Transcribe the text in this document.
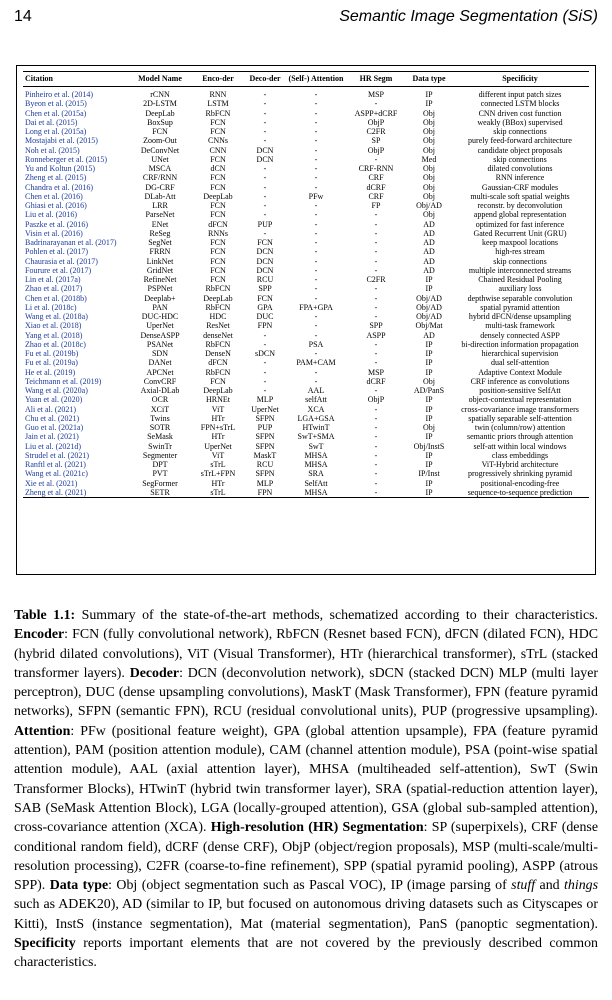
14	Semantic Image Segmentation (SiS)
Citation	Model Name	Enco-der	Deco-der	(Self-) Attention	HR Segm	Data type	Specificity
Pinheiro et al. (2014)	rCNN	RNN	-	-	MSP	IP	different input patch sizes
Byeon et al. (2015)	2D-LSTM	LSTM	-	-	-	IP	connected LSTM blocks
Chen et al. (2015a)	DeepLab	RbFCN	-	-	ASPP+dCRF	Obj	CNN driven cost function
Dai et al. (2015)	BoxSup	FCN	-	-	ObjP	Obj	weakly (BBox) supervised
Long et al. (2015a)	FCN	FCN	-	-	C2FR	Obj	skip connections
Mostajabi et al. (2015)	Zoom-Out	CNNs	-	-	SP	Obj	purely feed-forward architecture
Noh et al. (2015)	DeConvNet	CNN	DCN	-	ObjP	Obj	candidate object proposals
Ronneberger et al. (2015)	UNet	FCN	DCN	-	-	Med	skip connections
Yu and Koltun (2015)	MSCA	dCN	-	-	CRF-RNN	Obj	dilated convolutions
Zheng et al. (2015)	CRF/RNN	FCN	-	-	CRF	Obj	RNN inference
Chandra et al. (2016)	DG-CRF	FCN	-	-	dCRF	Obj	Gaussian-CRF modules
Chen et al. (2016)	DLab-Att	DeepLab	-	PFw	CRF	Obj	multi-scale soft spatial weights
Ghiasi et al. (2016)	LRR	FCN	-	-	FP	Obj/AD	reconstr. by deconvolution
Liu et al. (2016)	ParseNet	FCN	-	-	-	Obj	append global representation
Paszke et al. (2016)	ENet	dFCN	PUP	-	-	AD	optimized for fast inference
Visin et al. (2016)	ReSeg	RNNs	-	-	-	AD	Gated Recurrent Unit (GRU)
Badrinarayanan et al. (2017)	SegNet	FCN	FCN	-	-	AD	keep maxpool locations
Pohlen et al. (2017)	FRRN	FCN	DCN	-	-	AD	high-res stream
Chaurasia et al. (2017)	LinkNet	FCN	DCN	-	-	AD	skip connections
Fourure et al. (2017)	GridNet	FCN	DCN	-	-	AD	multiple interconnected streams
Lin et al. (2017a)	RefineNet	FCN	RCU	-	C2FR	IP	Chained Residual Pooling
Zhao et al. (2017)	PSPNet	RbFCN	SPP	-	-	IP	auxiliary loss
Chen et al. (2018b)	Deeplab+	DeepLab	FCN	-	-	Obj/AD	depthwise separable convolution
Li et al. (2018c)	PAN	RbFCN	GPA	FPA+GPA	-	Obj/AD	spatial pyramid attention
Wang et al. (2018a)	DUC-HDC	HDC	DUC	-	-	Obj/AD	hybrid dFCN/dense upsampling
Xiao et al. (2018)	UperNet	ResNet	FPN	-	SPP	Obj/Mat	multi-task framework
Yang et al. (2018)	DenseASPP	denseNet	-	-	ASPP	AD	densely connected ASPP
Zhao et al. (2018c)	PSANet	RbFCN	-	PSA	-	IP	bi-direction information propagation
Fu et al. (2019b)	SDN	DenseN	sDCN	-	-	IP	hierarchical supervision
Fu et al. (2019a)	DANet	dFCN	-	PAM+CAM	-	IP	dual self-attention
He et al. (2019)	APCNet	RbFCN	-	-	MSP	IP	Adaptive Context Module
Teichmann et al. (2019)	ConvCRF	FCN	-	-	dCRF	Obj	CRF inference as convolutions
Wang et al. (2020a)	Axial-DLab	DeepLab	-	AAL	-	AD/PanS	position-sensitive SelfAtt
Yuan et al. (2020)	OCR	HRNEt	MLP	selfAtt	ObjP	IP	object-contextual representation
Ali et al. (2021)	XCiT	ViT	UperNet	XCA	-	IP	cross-covariance image transformers
Chu et al. (2021)	Twins	HTr	SFPN	LGA+GSA	-	IP	spatially separable self-attention
Guo et al. (2021a)	SOTR	FPN+sTrL	PUP	HTwinT	-	Obj	twin (column/row) attention
Jain et al. (2021)	SeMask	HTr	SFPN	SwT+SMA	-	IP	semantic priors through attention
Liu et al. (2021d)	SwinTr	UperNet	SFPN	SwT	-	Obj/InstS	self-att within local windows
Strudel et al. (2021)	Segmenter	ViT	MaskT	MHSA	-	IP	class embeddings
Ranftl et al. (2021)	DPT	sTrL	RCU	MHSA	-	IP	ViT-Hybrid architecture
Wang et al. (2021c)	PVT	sTrL+FPN	SFPN	SRA	-	IP/Inst	progressively shrinking pyramid
Xie et al. (2021)	SegFormer	HTr	MLP	SelfAtt	-	IP	positional-encoding-free
Zheng et al. (2021)	SETR	sTrL	FPN	MHSA	-	IP	sequence-to-sequence prediction
Table 1.1: Summary of the state-of-the-art methods, schematized according to their characteristics. Encoder: FCN (fully convolutional network), RbFCN (Resnet based FCN), dFCN (dilated FCN), HDC (hybrid dilated convolutions), ViT (Visual Transformer), HTr (hierarchical transformer), sTrL (stacked transformer layers). Decoder: DCN (deconvolution network), sDCN (stacked DCN) MLP (multi layer perceptron), DUC (dense upsampling convolutions), MaskT (Mask Transformer), FPN (feature pyramid networks), SFPN (semantic FPN), RCU (residual convolutional units), PUP (progressive upsampling). Attention: PFw (positional feature weight), GPA (global attention upsample), FPA (feature pyramid attention), PAM (position attention module), CAM (channel attention module), PSA (point-wise spatial attention module), AAL (axial attention layer), MHSA (multiheaded self-attention), SwT (Swin Transformer Blocks), HTwinT (hybrid twin transformer layer), SRA (spatial-reduction attention layer), SAB (SeMask Attention Block), LGA (locally-grouped attention), GSA (global sub-sampled attention), cross-covariance attention (XCA). High-resolution (HR) Segmentation: SP (superpixels), CRF (dense conditional random field), dCRF (dense CRF), ObjP (object/region proposals), MSP (multi-scale/multi-resolution processing), C2FR (coarse-to-fine refinement), SPP (spatial pyramid pooling), ASPP (atrous SPP). Data type: Obj (object segmentation such as Pascal VOC), IP (image parsing of stuff and things such as ADEK20), AD (similar to IP, but focused on autonomous driving datasets such as Cityscapes or Kitti), InstS (instance segmentation), Mat (material segmentation), PanS (panoptic segmentation). Specificity reports important elements that are not covered by the previously described common characteristics.
